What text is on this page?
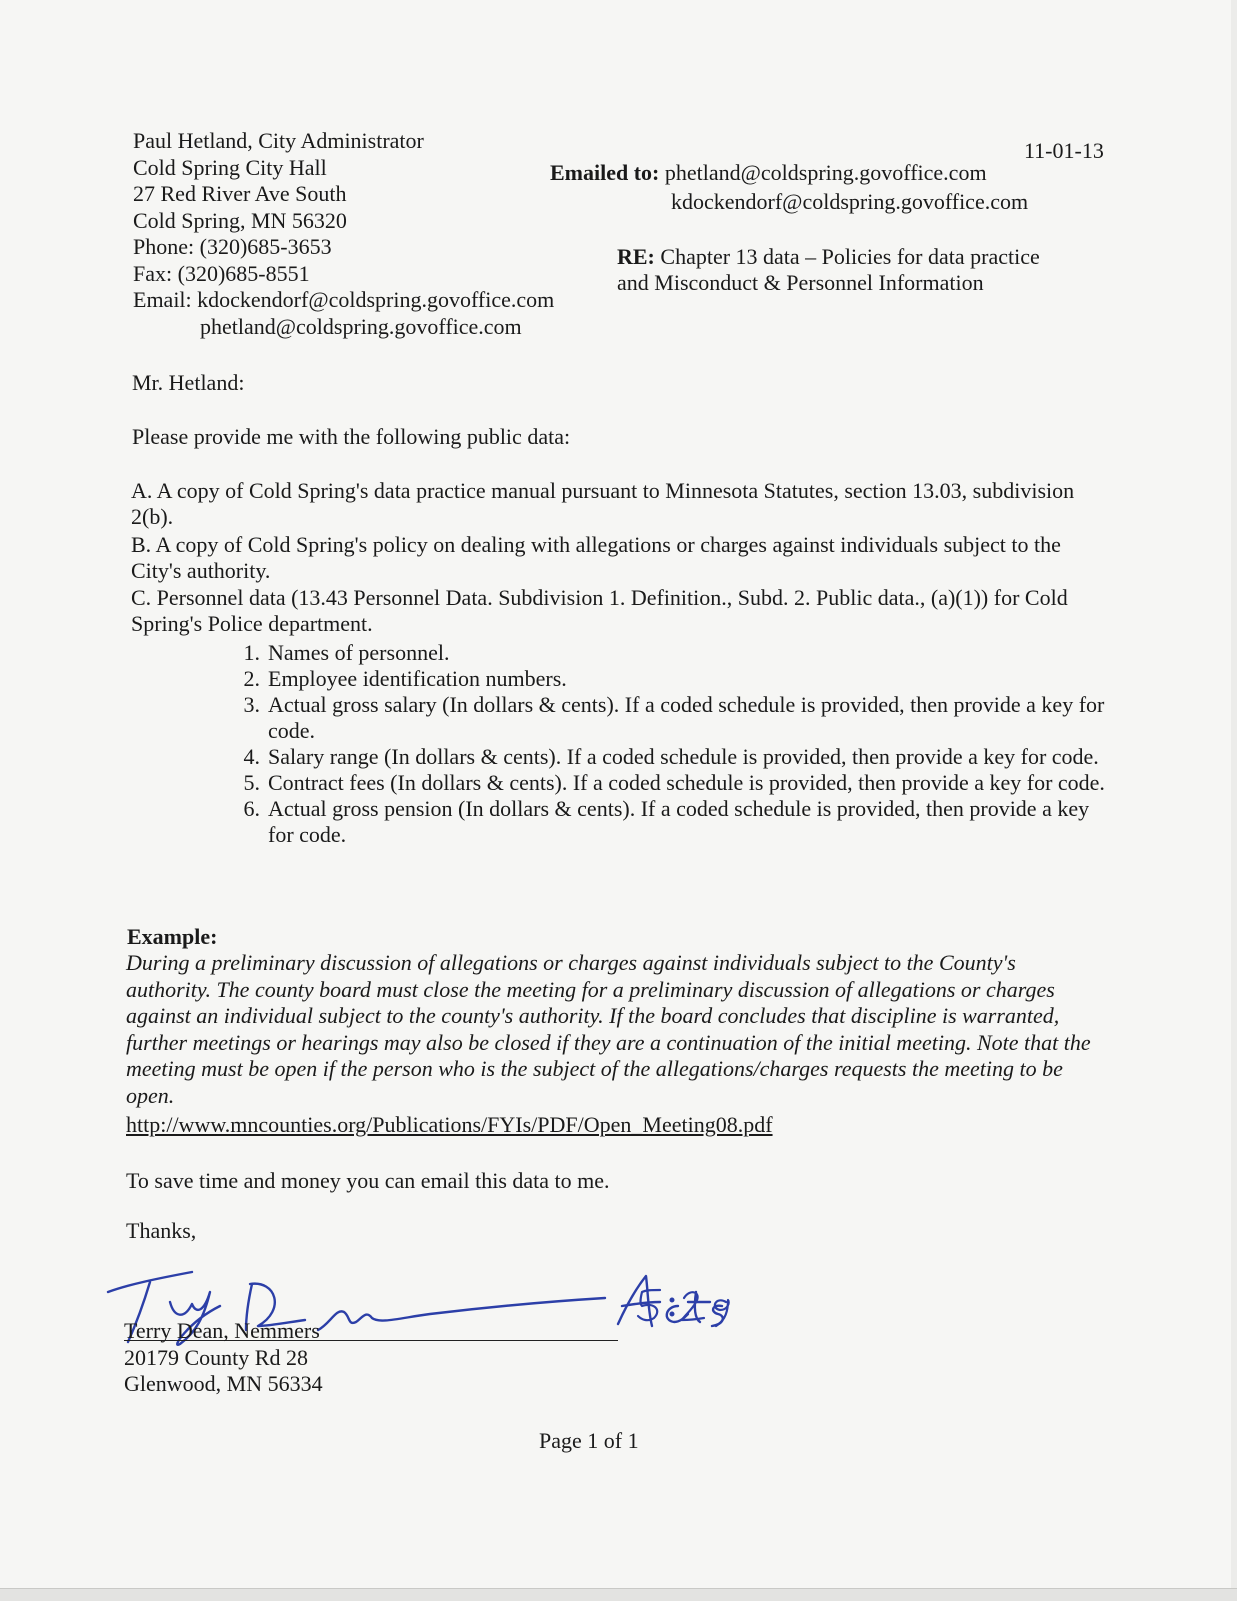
Paul Hetland, City Administrator
Cold Spring City Hall
27 Red River Ave South
Cold Spring, MN 56320
Phone: (320)685-3653
Fax: (320)685-8551
Email: kdockendorf@coldspring.govoffice.com
phetland@coldspring.govoffice.com
11-01-13
Emailed to: phetland@coldspring.govoffice.com
kdockendorf@coldspring.govoffice.com
RE: Chapter 13 data – Policies for data practice
and Misconduct & Personnel Information
Mr. Hetland:
Please provide me with the following public data:
A. A copy of Cold Spring's data practice manual pursuant to Minnesota Statutes, section 13.03, subdivision 2(b).
B. A copy of Cold Spring's policy on dealing with allegations or charges against individuals subject to the City's authority.
C. Personnel data (13.43 Personnel Data. Subdivision 1. Definition., Subd. 2. Public data., (a)(1)) for Cold Spring's Police department.
1. Names of personnel.
2. Employee identification numbers.
3. Actual gross salary (In dollars & cents). If a coded schedule is provided, then provide a key for code.
4. Salary range (In dollars & cents). If a coded schedule is provided, then provide a key for code.
5. Contract fees (In dollars & cents). If a coded schedule is provided, then provide a key for code.
6. Actual gross pension (In dollars & cents). If a coded schedule is provided, then provide a key for code.
Example:
During a preliminary discussion of allegations or charges against individuals subject to the County's authority. The county board must close the meeting for a preliminary discussion of allegations or charges against an individual subject to the county's authority. If the board concludes that discipline is warranted, further meetings or hearings may also be closed if they are a continuation of the initial meeting. Note that the meeting must be open if the person who is the subject of the allegations/charges requests the meeting to be open.
http://www.mncounties.org/Publications/FYIs/PDF/Open_Meeting08.pdf
To save time and money you can email this data to me.
Thanks,
Terry Dean, Nemmers
20179 County Rd 28
Glenwood, MN 56334
Page 1 of 1
